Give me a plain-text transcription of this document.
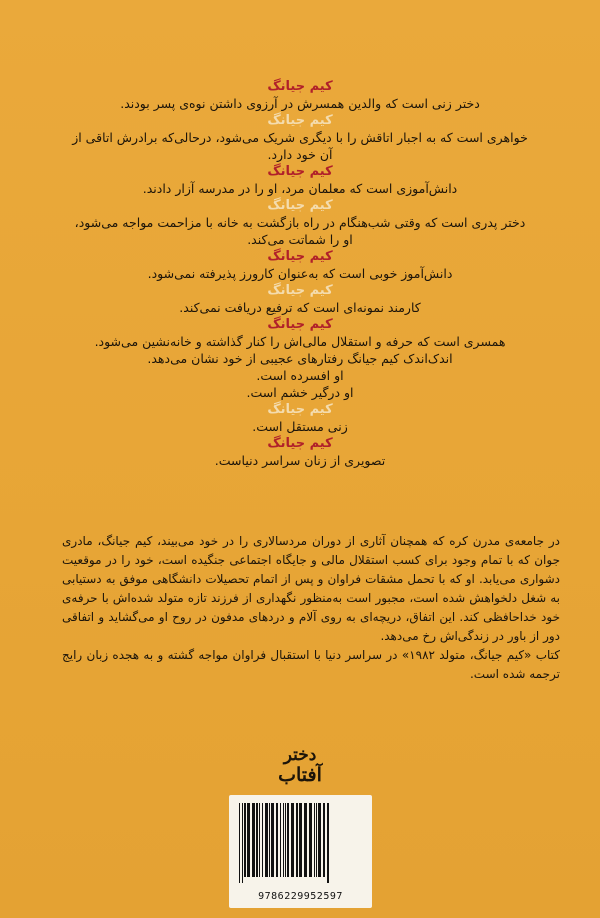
کیم جیانگ

دختر زنی است که والدین همسرش در آرزوی داشتن نوه‌ی پسر بودند.

کیم جیانگ

خواهری است که به اجبار اتاقش را با دیگری شریک می‌شود، درحالی‌که برادرش اتاقی از

آن خود دارد.

کیم جیانگ

دانش‌آموزی است که معلمان مرد، او را در مدرسه آزار دادند.

کیم جیانگ

دختر پدری است که وقتی شب‌هنگام در راه بازگشت به خانه با مزاحمت مواجه می‌شود،

او را شماتت می‌کند.

کیم جیانگ

دانش‌آموز خوبی است که به‌عنوان کارورز پذیرفته نمی‌شود.

کیم جیانگ

کارمند نمونه‌ای است که ترفیع دریافت نمی‌کند.

کیم جیانگ

همسری است که حرفه و استقلال مالی‌اش را کنار گذاشته و خانه‌نشین می‌شود.

اندک‌اندک کیم جیانگ رفتارهای عجیبی از خود نشان می‌دهد.

او افسرده است.

او درگیر خشم است.

کیم جیانگ

زنی مستقل است.

کیم جیانگ

تصویری از زنان سراسر دنیاست.

در جامعه‌ی مدرن کره که همچنان آثاری از دوران مردسالاری را در خود می‌بیند، کیم جیانگ، مادری جوان که با تمام وجود برای کسب استقلال مالی و جایگاه اجتماعی جنگیده است، خود را در موقعیت دشواری می‌یابد. او که با تحمل مشقات فراوان و پس از اتمام تحصیلات دانشگاهی موفق به دستیابی به شغل دلخواهش شده است، مجبور است به‌منظور نگهداری از فرزند تازه متولد شده‌اش با حرفه‌ی خود خداحافظی کند. این اتفاق، دریچه‌ای به روی آلام و دردهای مدفون در روح او می‌گشاید و اتفاقی دور از باور در زندگی‌اش رخ می‌دهد.
کتاب «کیم جیانگ، متولد ۱۹۸۲» در سراسر دنیا با استقبال فراوان مواجه گشته و به هجده زبان رایج ترجمه شده است.
دختر
آفتاب
9786229952597
